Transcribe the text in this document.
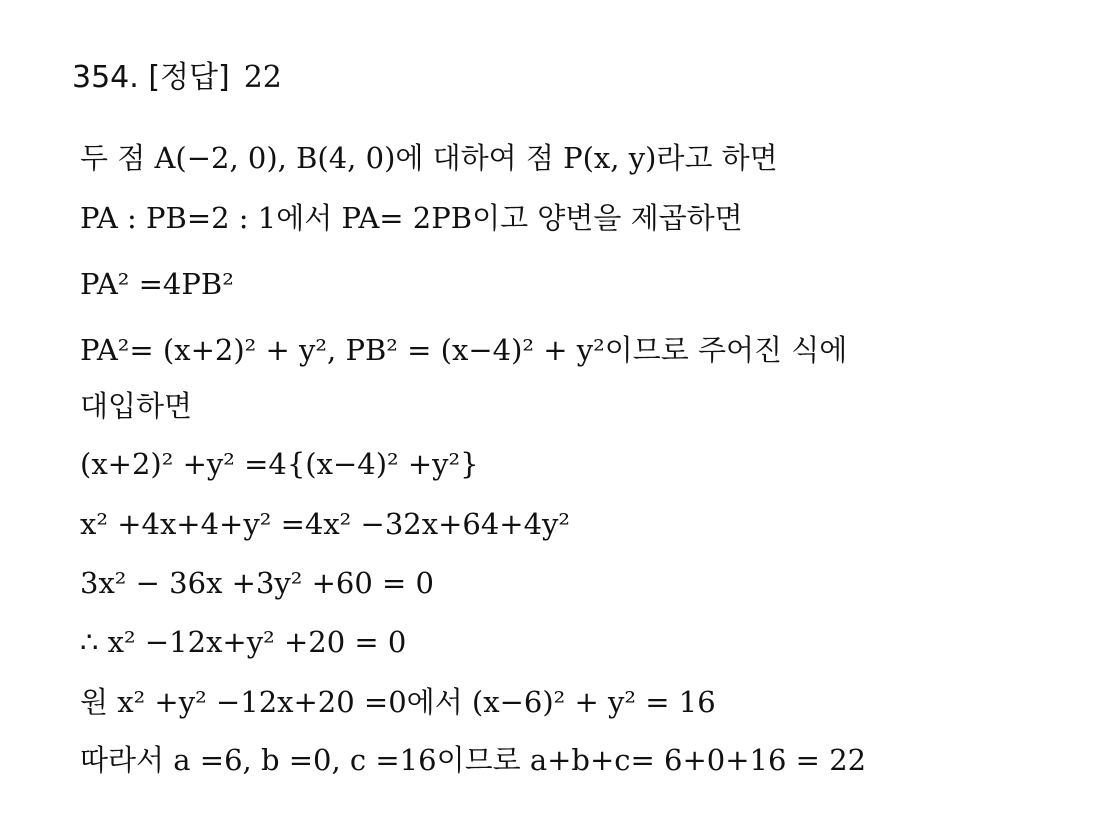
354. [정답] 22
두 점 A(−2, 0), B(4, 0)에 대하여 점 P(x, y)라고 하면
PA : PB=2 : 1에서 PA= 2PB이고 양변을 제곱하면
PA² =4PB²
PA²= (x+2)² + y², PB² = (x−4)² + y²이므로 주어진 식에
대입하면
(x+2)² +y² =4{(x−4)² +y²}
x² +4x+4+y² =4x² −32x+64+4y²
3x² − 36x +3y² +60 = 0
∴ x² −12x+y² +20 = 0
원 x² +y² −12x+20 =0에서 (x−6)² + y² = 16
따라서 a =6, b =0, c =16이므로 a+b+c= 6+0+16 = 22
